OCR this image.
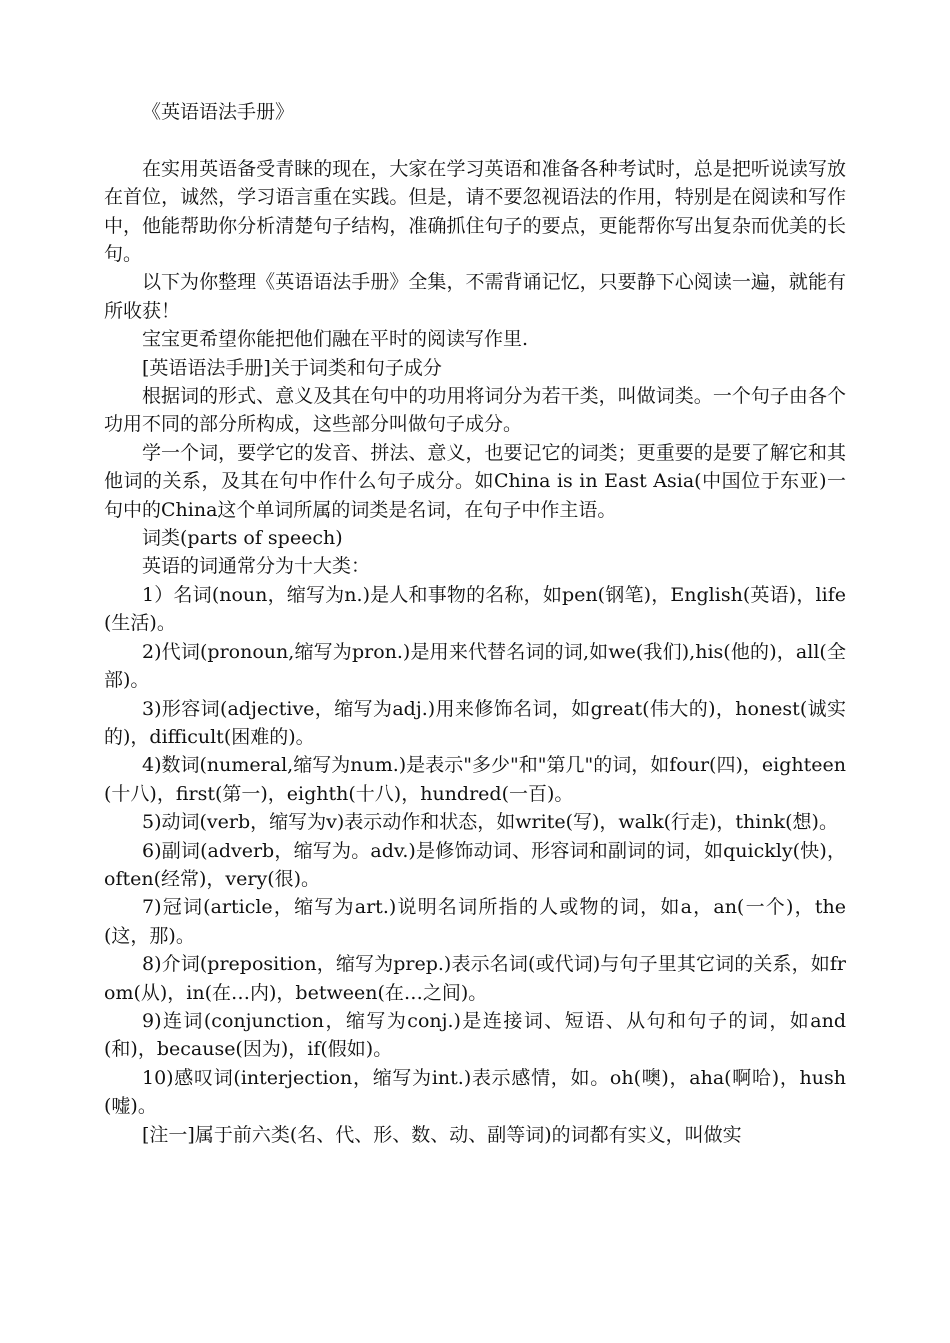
《英语语法手册》

在实用英语备受青睐的现在，大家在学习英语和准备各种考试时，总是把听说读写放在首位，诚然，学习语言重在实践。但是，请不要忽视语法的作用，特别是在阅读和写作中，他能帮助你分析清楚句子结构，准确抓住句子的要点，更能帮你写出复杂而优美的长句。

以下为你整理《英语语法手册》全集，不需背诵记忆，只要静下心阅读一遍，就能有所收获！

宝宝更希望你能把他们融在平时的阅读写作里.

[英语语法手册]关于词类和句子成分

根据词的形式、意义及其在句中的功用将词分为若干类，叫做词类。一个句子由各个功用不同的部分所构成，这些部分叫做句子成分。

学一个词，要学它的发音、拼法、意义，也要记它的词类；更重要的是要了解它和其他词的关系，及其在句中作什么句子成分。如China is in East Asia(中国位于东亚)一句中的China这个单词所属的词类是名词，在句子中作主语。

词类(parts of speech)

英语的词通常分为十大类：

1）名词(noun，缩写为n.)是人和事物的名称，如pen(钢笔)，English(英语)，life(生活)。

2)代词(pronoun,缩写为pron.)是用来代替名词的词,如we(我们),his(他的)，all(全部)。

3)形容词(adjective，缩写为adj.)用来修饰名词，如great(伟大的)，honest(诚实的)，difficult(困难的)。

4)数词(numeral,缩写为num.)是表示"多少"和"第几"的词，如four(四)，eighteen(十八)，first(第一)，eighth(十八)，hundred(一百)。

5)动词(verb，缩写为v)表示动作和状态，如write(写)，walk(行走)，think(想)。

6)副词(adverb，缩写为。adv.)是修饰动词、形容词和副词的词，如quickly(快)，often(经常)，very(很)。

7)冠词(article，缩写为art.)说明名词所指的人或物的词，如a，an(一个)，the(这，那)。

8)介词(preposition，缩写为prep.)表示名词(或代词)与句子里其它词的关系，如from(从)，in(在…内)，between(在…之间)。

9)连词(conjunction，缩写为conj.)是连接词、短语、从句和句子的词，如and(和)，because(因为)，if(假如)。

10)感叹词(interjection，缩写为int.)表示感情，如。oh(噢)，aha(啊哈)，hush(嘘)。

[注一]属于前六类(名、代、形、数、动、副等词)的词都有实义，叫做实
